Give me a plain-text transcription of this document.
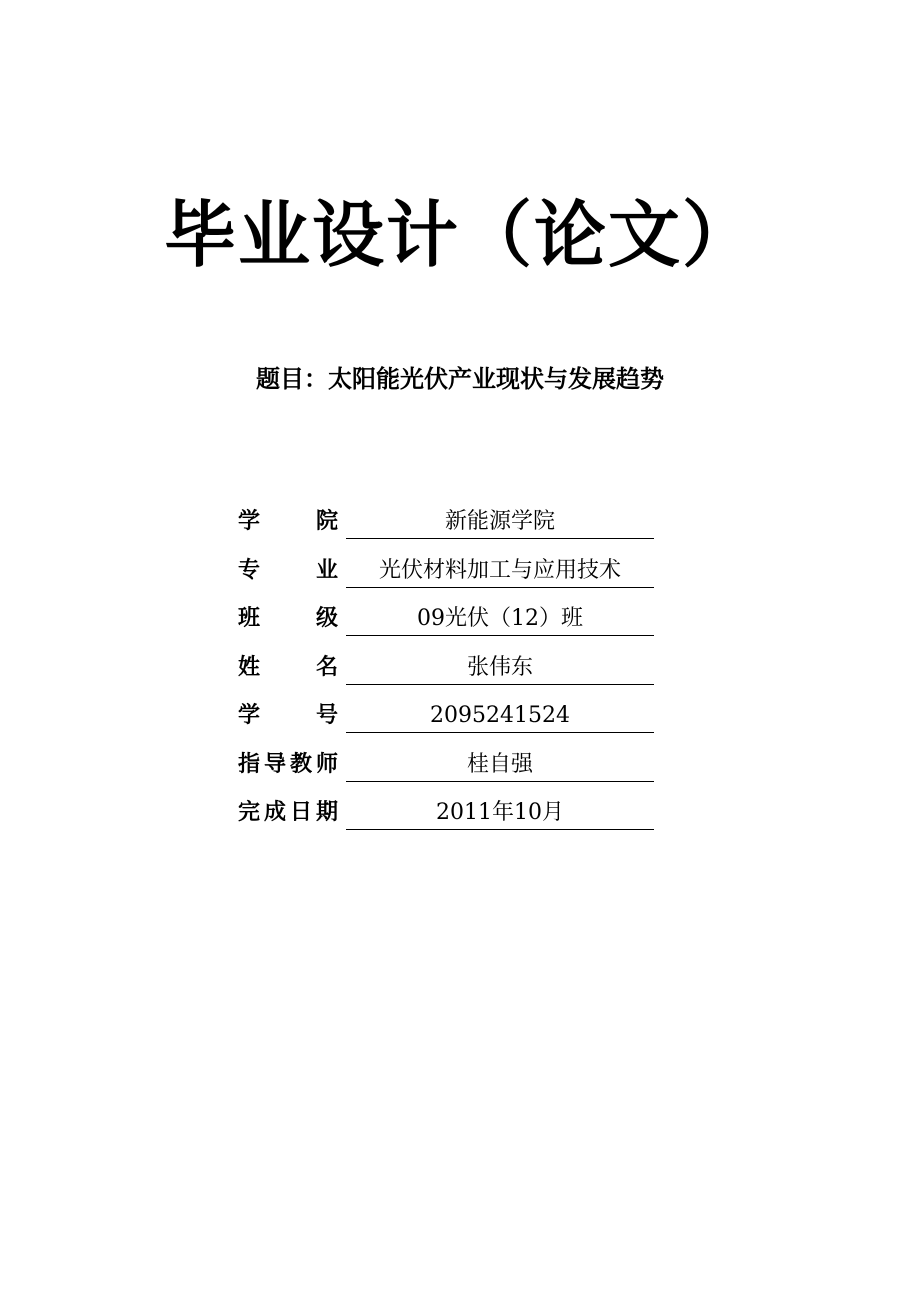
毕业设计（论文）
题目：太阳能光伏产业现状与发展趋势
学院	新能源学院
专业	光伏材料加工与应用技术
班级	09光伏（12）班
姓名	张伟东
学号	2095241524
指导教师	桂自强
完成日期	2011年10月
